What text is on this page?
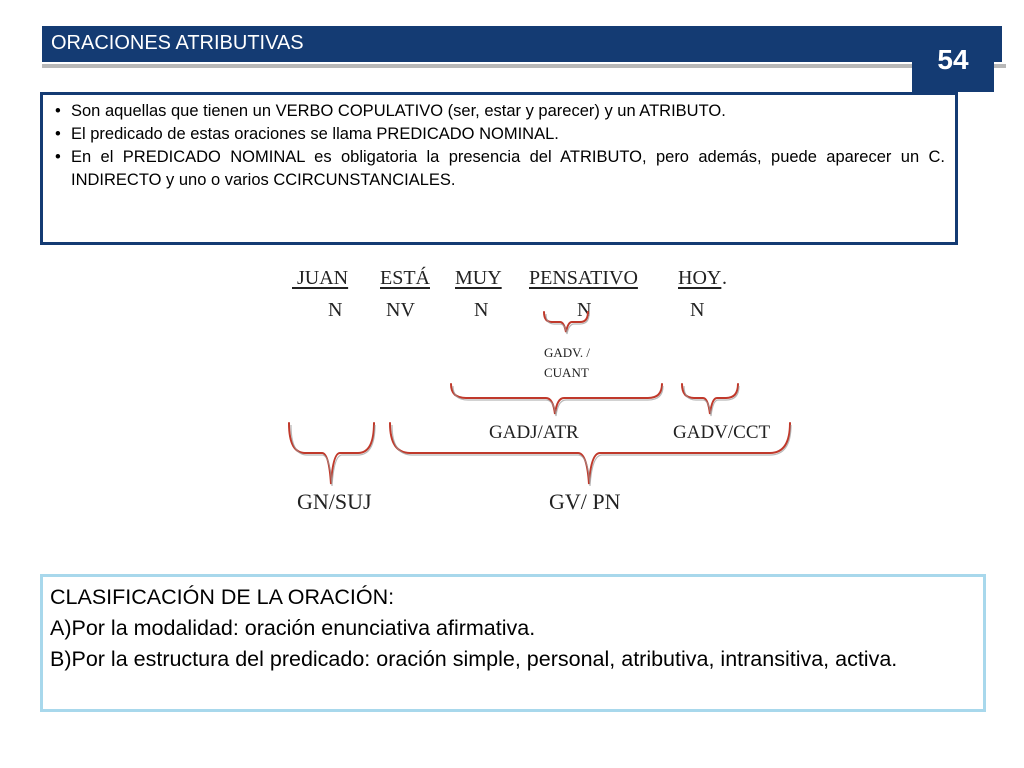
ORACIONES ATRIBUTIVAS
54
• Son aquellas que tienen un VERBO COPULATIVO (ser, estar y parecer) y un ATRIBUTO.
• El predicado de estas oraciones se llama PREDICADO NOMINAL.
• En el PREDICADO NOMINAL es obligatoria la presencia del ATRIBUTO, pero además, puede aparecer un C. INDIRECTO y uno o varios CCIRCUNSTANCIALES.
JUAN ESTÁ MUY PENSATIVO HOY .
N NV	N	N	N
GADV. /
CUANT
GADJ/ATR	GADV/CCT
GN/SUJ	GV/ PN
CLASIFICACIÓN DE LA ORACIÓN:
A)Por la modalidad: oración enunciativa afirmativa.
B)Por la estructura del predicado: oración simple, personal, atributiva, intransitiva, activa.
